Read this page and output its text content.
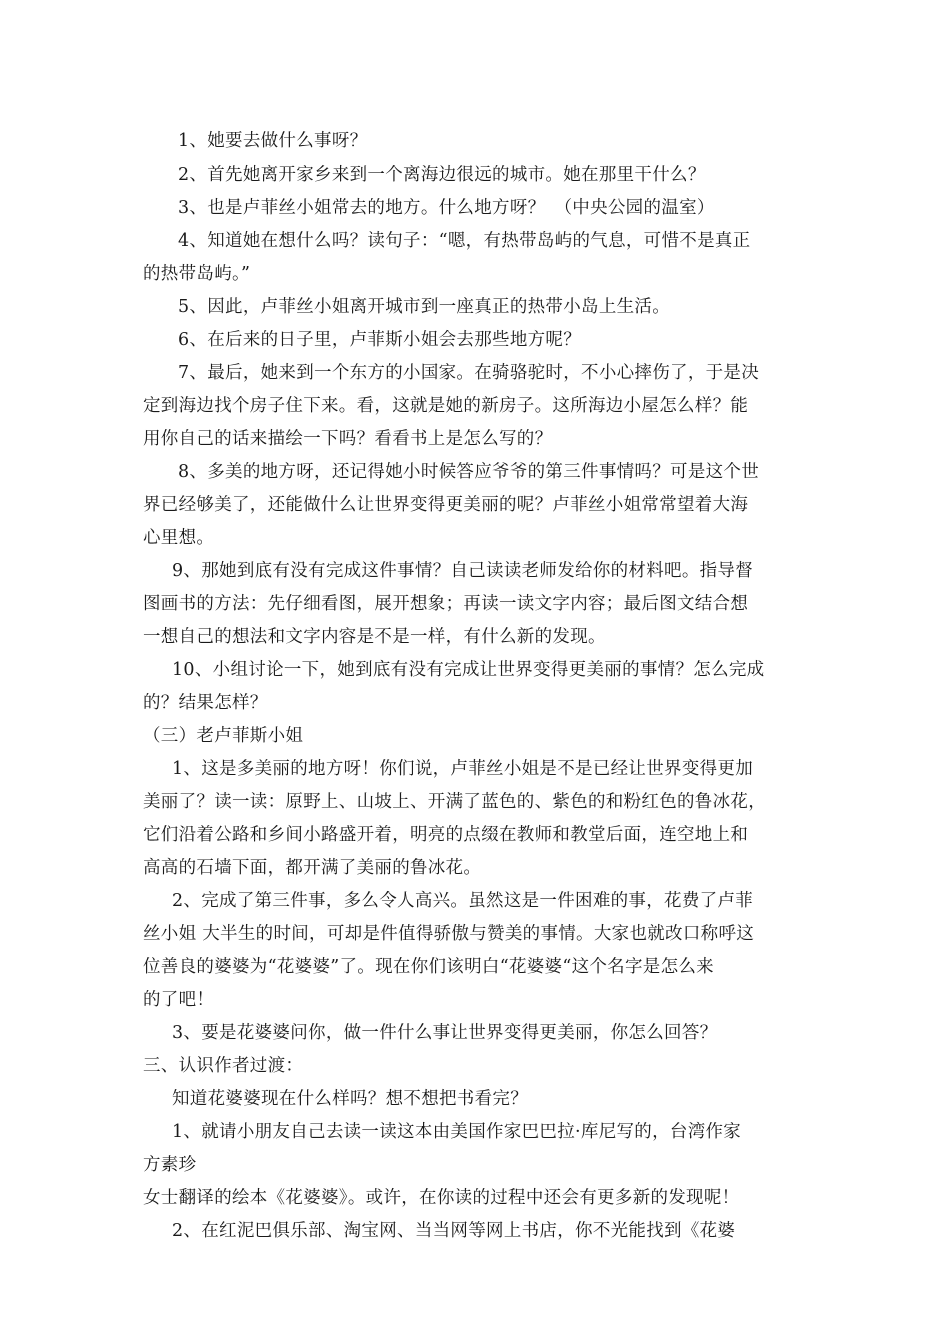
1、她要去做什么事呀？
2、首先她离开家乡来到一个离海边很远的城市。她在那里干什么？
3、也是卢菲丝小姐常去的地方。什么地方呀？　（中央公园的温室）
4、知道她在想什么吗？读句子：“嗯，有热带岛屿的气息，可惜不是真正
的热带岛屿。”
5、因此，卢菲丝小姐离开城市到一座真正的热带小岛上生活。
6、在后来的日子里，卢菲斯小姐会去那些地方呢？
7、最后，她来到一个东方的小国家。在骑骆驼时，不小心摔伤了，于是决
定到海边找个房子住下来。看，这就是她的新房子。这所海边小屋怎么样？能
用你自己的话来描绘一下吗？看看书上是怎么写的？
8、多美的地方呀，还记得她小时候答应爷爷的第三件事情吗？可是这个世
界已经够美了，还能做什么让世界变得更美丽的呢？卢菲丝小姐常常望着大海
心里想。
9、那她到底有没有完成这件事情？自己读读老师发给你的材料吧。指导督
图画书的方法：先仔细看图，展开想象；再读一读文字内容；最后图文结合想
一想自己的想法和文字内容是不是一样，有什么新的发现。
10、小组讨论一下，她到底有没有完成让世界变得更美丽的事情？怎么完成
的？结果怎样？
（三）老卢菲斯小姐
1、这是多美丽的地方呀！你们说，卢菲丝小姐是不是已经让世界变得更加
美丽了？读一读：原野上、山坡上、开满了蓝色的、紫色的和粉红色的鲁冰花，
它们沿着公路和乡间小路盛开着，明亮的点缀在教师和教堂后面，连空地上和
高高的石墙下面，都开满了美丽的鲁冰花。
2、完成了第三件事，多么令人高兴。虽然这是一件困难的事，花费了卢菲
丝小姐 大半生的时间，可却是件值得骄傲与赞美的事情。大家也就改口称呼这
位善良的婆婆为“花婆婆”了。现在你们该明白“花婆婆“这个名字是怎么来
的了吧！
3、要是花婆婆问你，做一件什么事让世界变得更美丽，你怎么回答？
三、认识作者过渡：
知道花婆婆现在什么样吗？想不想把书看完？
1、就请小朋友自己去读一读这本由美国作家巴巴拉·库尼写的，台湾作家
方素珍
女士翻译的绘本《花婆婆》。或许，在你读的过程中还会有更多新的发现呢！
2、在红泥巴俱乐部、淘宝网、当当网等网上书店，你不光能找到《花婆
